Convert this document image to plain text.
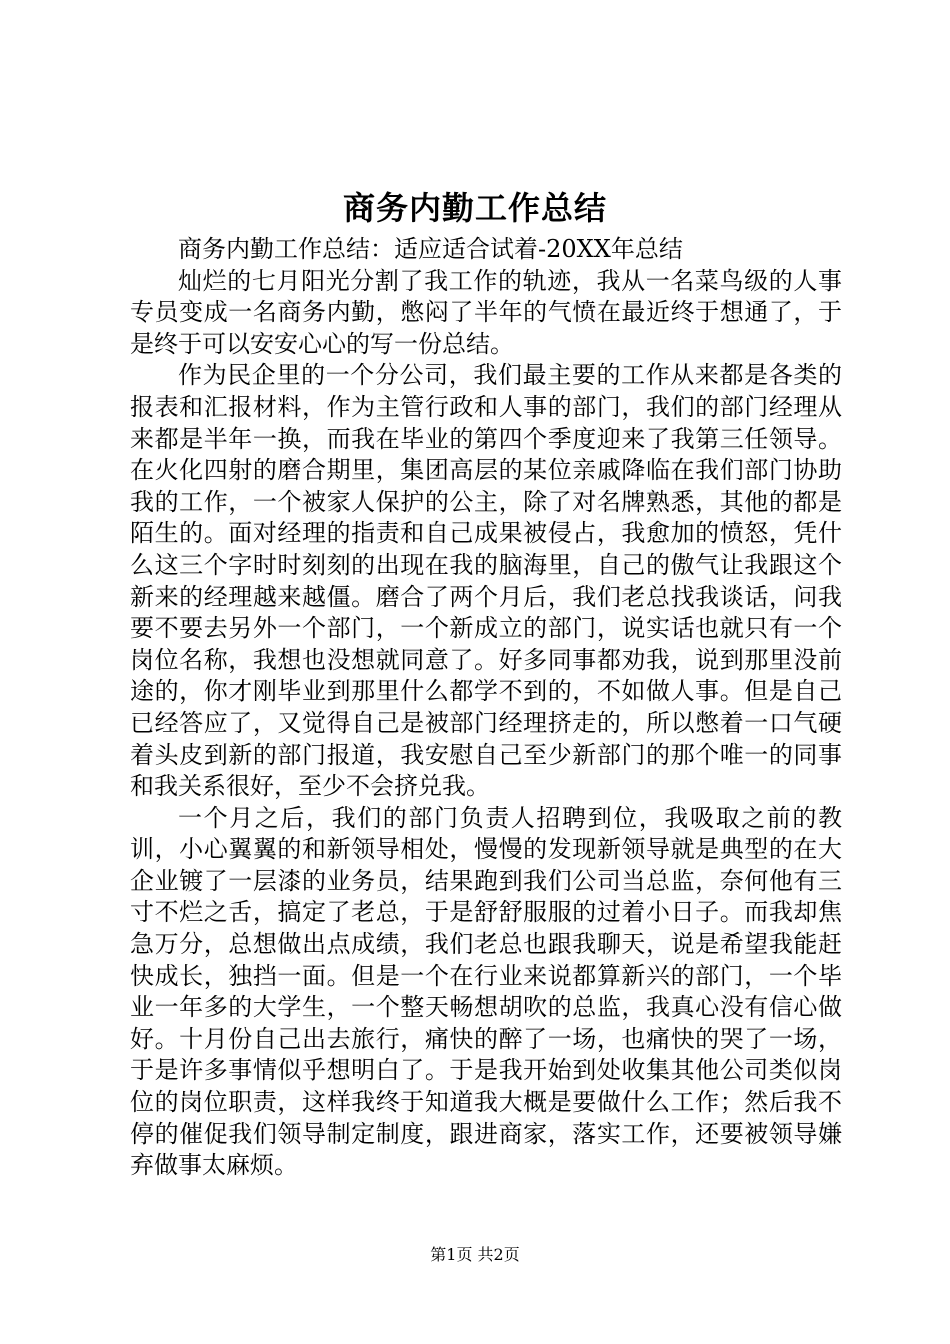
商务内勤工作总结

商务内勤工作总结：适应适合试着-20XX年总结

灿烂的七月阳光分割了我工作的轨迹，我从一名菜鸟级的人事专员变成一名商务内勤，憋闷了半年的气愤在最近终于想通了，于是终于可以安安心心的写一份总结。

作为民企里的一个分公司，我们最主要的工作从来都是各类的报表和汇报材料，作为主管行政和人事的部门，我们的部门经理从来都是半年一换，而我在毕业的第四个季度迎来了我第三任领导。在火化四射的磨合期里，集团高层的某位亲戚降临在我们部门协助我的工作，一个被家人保护的公主，除了对名牌熟悉，其他的都是陌生的。面对经理的指责和自己成果被侵占，我愈加的愤怒，凭什么这三个字时时刻刻的出现在我的脑海里，自己的傲气让我跟这个新来的经理越来越僵。磨合了两个月后，我们老总找我谈话，问我要不要去另外一个部门，一个新成立的部门，说实话也就只有一个岗位名称，我想也没想就同意了。好多同事都劝我，说到那里没前途的，你才刚毕业到那里什么都学不到的，不如做人事。但是自己已经答应了，又觉得自己是被部门经理挤走的，所以憋着一口气硬着头皮到新的部门报道，我安慰自己至少新部门的那个唯一的同事和我关系很好，至少不会挤兑我。

一个月之后，我们的部门负责人招聘到位，我吸取之前的教训，小心翼翼的和新领导相处，慢慢的发现新领导就是典型的在大企业镀了一层漆的业务员，结果跑到我们公司当总监，奈何他有三寸不烂之舌，搞定了老总，于是舒舒服服的过着小日子。而我却焦急万分，总想做出点成绩，我们老总也跟我聊天，说是希望我能赶快成长，独挡一面。但是一个在行业来说都算新兴的部门，一个毕业一年多的大学生，一个整天畅想胡吹的总监，我真心没有信心做好。十月份自己出去旅行，痛快的醉了一场，也痛快的哭了一场，于是许多事情似乎想明白了。于是我开始到处收集其他公司类似岗位的岗位职责，这样我终于知道我大概是要做什么工作；然后我不停的催促我们领导制定制度，跟进商家，落实工作，还要被领导嫌弃做事太麻烦。

第1页 共2页
